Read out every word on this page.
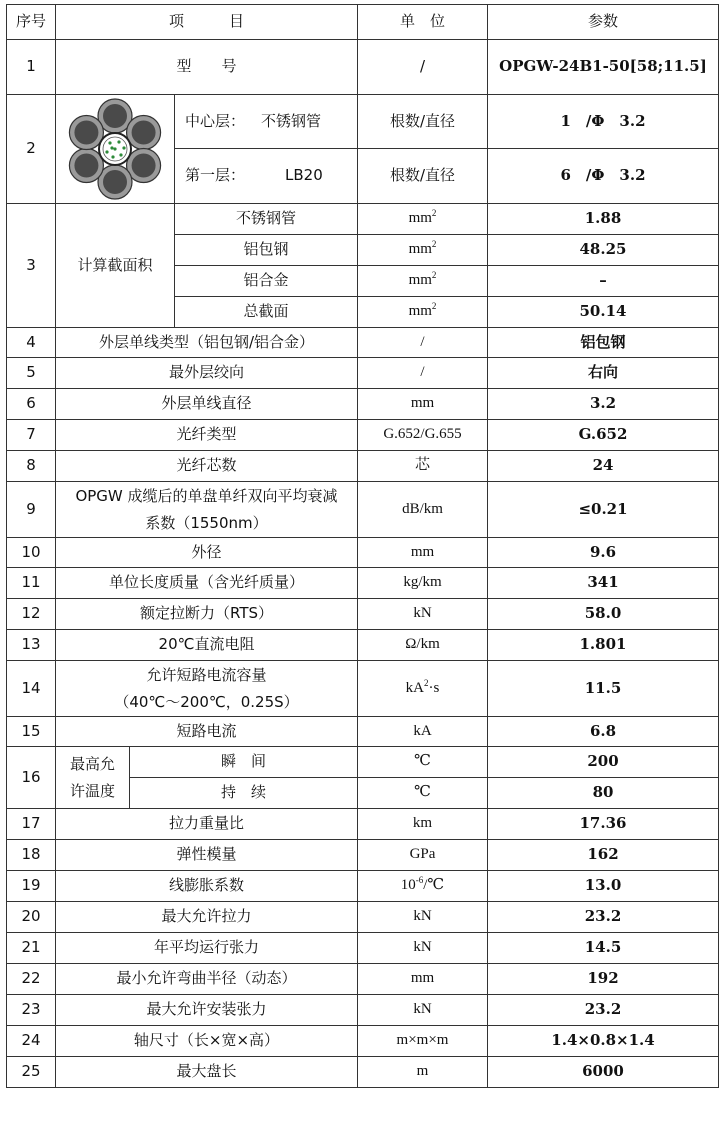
序号	项　　　目			单　位	参数
1	型　　号			/	OPGW-24B1-50[58;11.5]
2			中心层： 不锈钢管	根数/直径	1　/Φ　3.2
			第一层： LB20	根数/直径	6　/Φ　3.2
3	计算截面积		不锈钢管	$mm^2$	1.88
			铝包钢	$mm^2$	48.25
			铝合金	$mm^2$	–
			总截面	$mm^2$	50.14
4	外层单线类型（铝包钢/铝合金）			/	铝包钢
5	最外层绞向			/	右向
6	外层单线直径			mm	3.2
7	光纤类型			G.652/G.655	G.652
8	光纤芯数			芯	24
9	OPGW 成缆后的单盘单纤双向平均衰减
系数（1550nm）			dB/km	≤0.21
10	外径			mm	9.6
11	单位长度质量（含光纤质量）			kg/km	341
12	额定拉断力（RTS）			kN	58.0
13	20℃直流电阻			Ω/km	1.801
14	允许短路电流容量
（40℃～200℃，0.25S）			$kA^2\cdot s$	11.5
15	短路电流			kA	6.8
16	最高允
许温度	瞬　间		℃	200
		持　续		℃	80
17	拉力重量比			km	17.36
18	弹性模量			GPa	162
19	线膨胀系数			$10^{-6}/℃$	13.0
20	最大允许拉力			kN	23.2
21	年平均运行张力			kN	14.5
22	最小允许弯曲半径（动态）			mm	192
23	最大允许安装张力			kN	23.2
24	轴尺寸（长×宽×高）			m×m×m	1.4×0.8×1.4
25	最大盘长			m	6000
